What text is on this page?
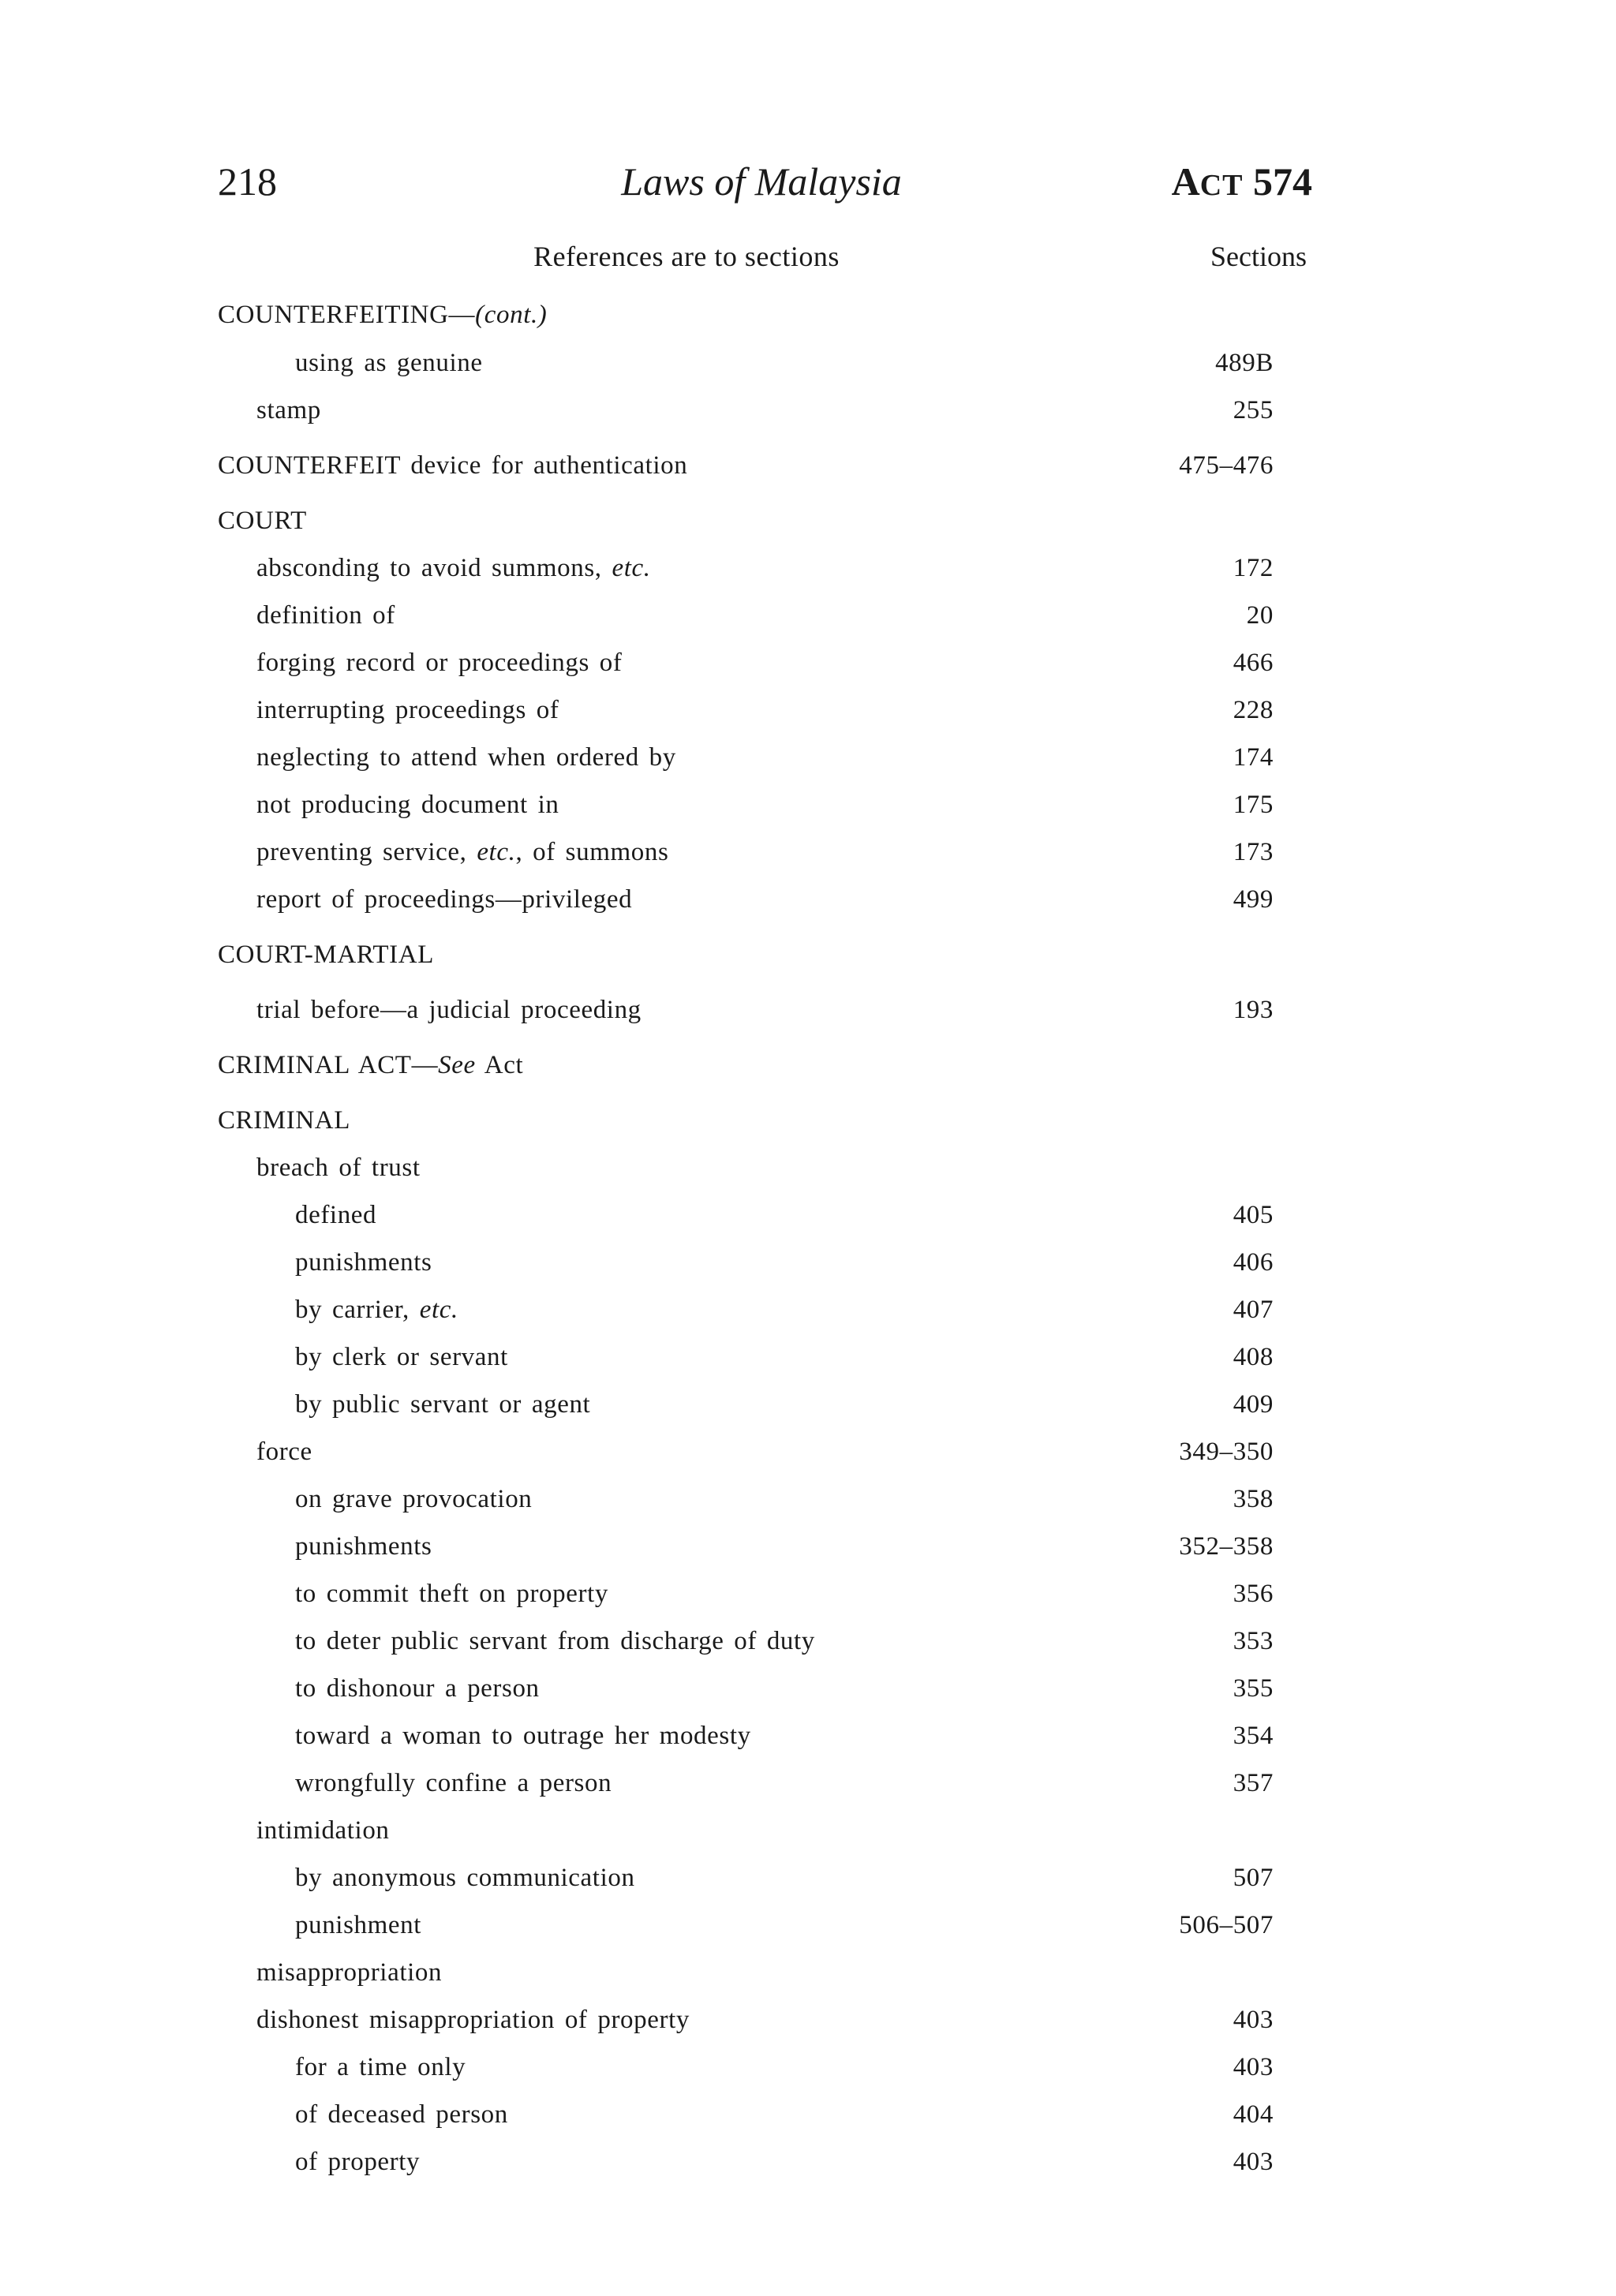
218	Laws of Malaysia	ACT 574
References are to sections	Sections
COUNTERFEITING—(cont.)
using as genuine	489B
stamp	255
COUNTERFEIT device for authentication	475–476
COURT
absconding to avoid summons, etc.	172
definition of	20
forging record or proceedings of	466
interrupting proceedings of	228
neglecting to attend when ordered by	174
not producing document in	175
preventing service, etc., of summons	173
report of proceedings—privileged	499
COURT-MARTIAL
trial before—a judicial proceeding	193
CRIMINAL ACT—See Act
CRIMINAL
breach of trust
defined	405
punishments	406
by carrier, etc.	407
by clerk or servant	408
by public servant or agent	409
force	349–350
on grave provocation	358
punishments	352–358
to commit theft on property	356
to deter public servant from discharge of duty	353
to dishonour a person	355
toward a woman to outrage her modesty	354
wrongfully confine a person	357
intimidation
by anonymous communication	507
punishment	506–507
misappropriation
dishonest misappropriation of property	403
for a time only	403
of deceased person	404
of property	403
